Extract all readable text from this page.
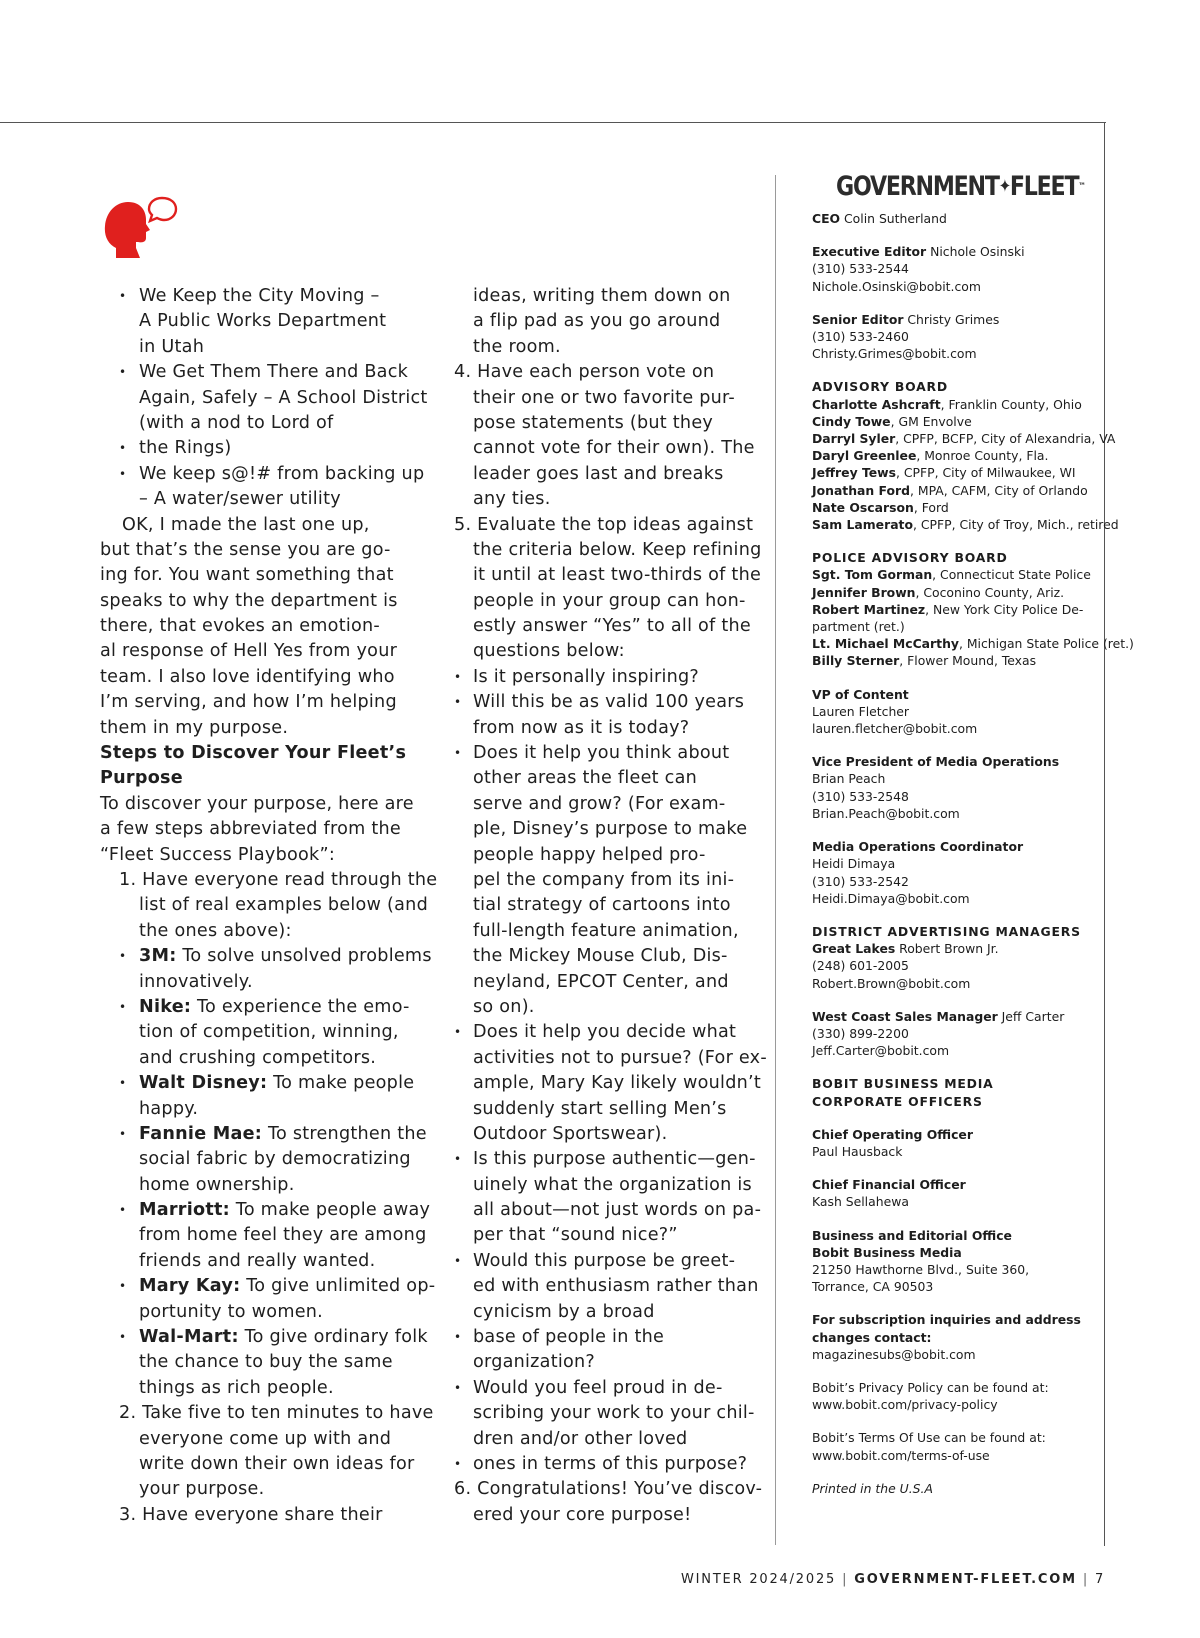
• We Keep the City Moving –
A Public Works Department
in Utah
• We Get Them There and Back
Again, Safely – A School District
(with a nod to Lord of
• the Rings)
• We keep s@!# from backing up
– A water/sewer utility
OK, I made the last one up,
but that’s the sense you are go-
ing for. You want something that
speaks to why the department is
there, that evokes an emotion-
al response of Hell Yes from your
team. I also love identifying who
I’m serving, and how I’m helping
them in my purpose.
Steps to Discover Your Fleet’s
Purpose
To discover your purpose, here are
a few steps abbreviated from the
“Fleet Success Playbook”:
1. Have everyone read through the
list of real examples below (and
the ones above):
• 3M: To solve unsolved problems
innovatively.
• Nike: To experience the emo-
tion of competition, winning,
and crushing competitors.
• Walt Disney: To make people
happy.
• Fannie Mae: To strengthen the
social fabric by democratizing
home ownership.
• Marriott: To make people away
from home feel they are among
friends and really wanted.
• Mary Kay: To give unlimited op-
portunity to women.
• Wal-Mart: To give ordinary folk
the chance to buy the same
things as rich people.
2. Take five to ten minutes to have
everyone come up with and
write down their own ideas for
your purpose.
3. Have everyone share their
ideas, writing them down on
a flip pad as you go around
the room.
4. Have each person vote on
their one or two favorite pur-
pose statements (but they
cannot vote for their own). The
leader goes last and breaks
any ties.
5. Evaluate the top ideas against
the criteria below. Keep refining
it until at least two-thirds of the
people in your group can hon-
estly answer “Yes” to all of the
questions below:
• Is it personally inspiring?
• Will this be as valid 100 years
from now as it is today?
• Does it help you think about
other areas the fleet can
serve and grow? (For exam-
ple, Disney’s purpose to make
people happy helped pro-
pel the company from its ini-
tial strategy of cartoons into
full-length feature animation,
the Mickey Mouse Club, Dis-
neyland, EPCOT Center, and
so on).
• Does it help you decide what
activities not to pursue? (For ex-
ample, Mary Kay likely wouldn’t
suddenly start selling Men’s
Outdoor Sportswear).
• Is this purpose authentic—gen-
uinely what the organization is
all about—not just words on pa-
per that “sound nice?”
• Would this purpose be greet-
ed with enthusiasm rather than
cynicism by a broad
• base of people in the
organization?
• Would you feel proud in de-
scribing your work to your chil-
dren and/or other loved
• ones in terms of this purpose?
6. Congratulations! You’ve discov-
ered your core purpose!
GOVERNMENT✦FLEET™
CEO Colin Sutherland
Executive Editor Nichole Osinski
(310) 533-2544
Nichole.Osinski@bobit.com
Senior Editor Christy Grimes
(310) 533-2460
Christy.Grimes@bobit.com
ADVISORY BOARD
Charlotte Ashcraft, Franklin County, Ohio
Cindy Towe, GM Envolve
Darryl Syler, CPFP, BCFP, City of Alexandria, VA
Daryl Greenlee, Monroe County, Fla.
Jeffrey Tews, CPFP, City of Milwaukee, WI
Jonathan Ford, MPA, CAFM, City of Orlando
Nate Oscarson, Ford
Sam Lamerato, CPFP, City of Troy, Mich., retired
POLICE ADVISORY BOARD
Sgt. Tom Gorman, Connecticut State Police
Jennifer Brown, Coconino County, Ariz.
Robert Martinez, New York City Police De-
partment (ret.)
Lt. Michael McCarthy, Michigan State Police (ret.)
Billy Sterner, Flower Mound, Texas
VP of Content
Lauren Fletcher
lauren.fletcher@bobit.com
Vice President of Media Operations
Brian Peach
(310) 533-2548
Brian.Peach@bobit.com
Media Operations Coordinator
Heidi Dimaya
(310) 533-2542
Heidi.Dimaya@bobit.com
DISTRICT ADVERTISING MANAGERS
Great Lakes Robert Brown Jr.
(248) 601-2005
Robert.Brown@bobit.com
West Coast Sales Manager Jeff Carter
(330) 899-2200
Jeff.Carter@bobit.com
BOBIT BUSINESS MEDIA
CORPORATE OFFICERS
Chief Operating Officer
Paul Hausback
Chief Financial Officer
Kash Sellahewa
Business and Editorial Office
Bobit Business Media
21250 Hawthorne Blvd., Suite 360,
Torrance, CA 90503
For subscription inquiries and address
changes contact:
magazinesubs@bobit.com
Bobit’s Privacy Policy can be found at:
www.bobit.com/privacy-policy
Bobit’s Terms Of Use can be found at:
www.bobit.com/terms-of-use
Printed in the U.S.A
WINTER 2024/2025 | GOVERNMENT-FLEET.COM | 7
